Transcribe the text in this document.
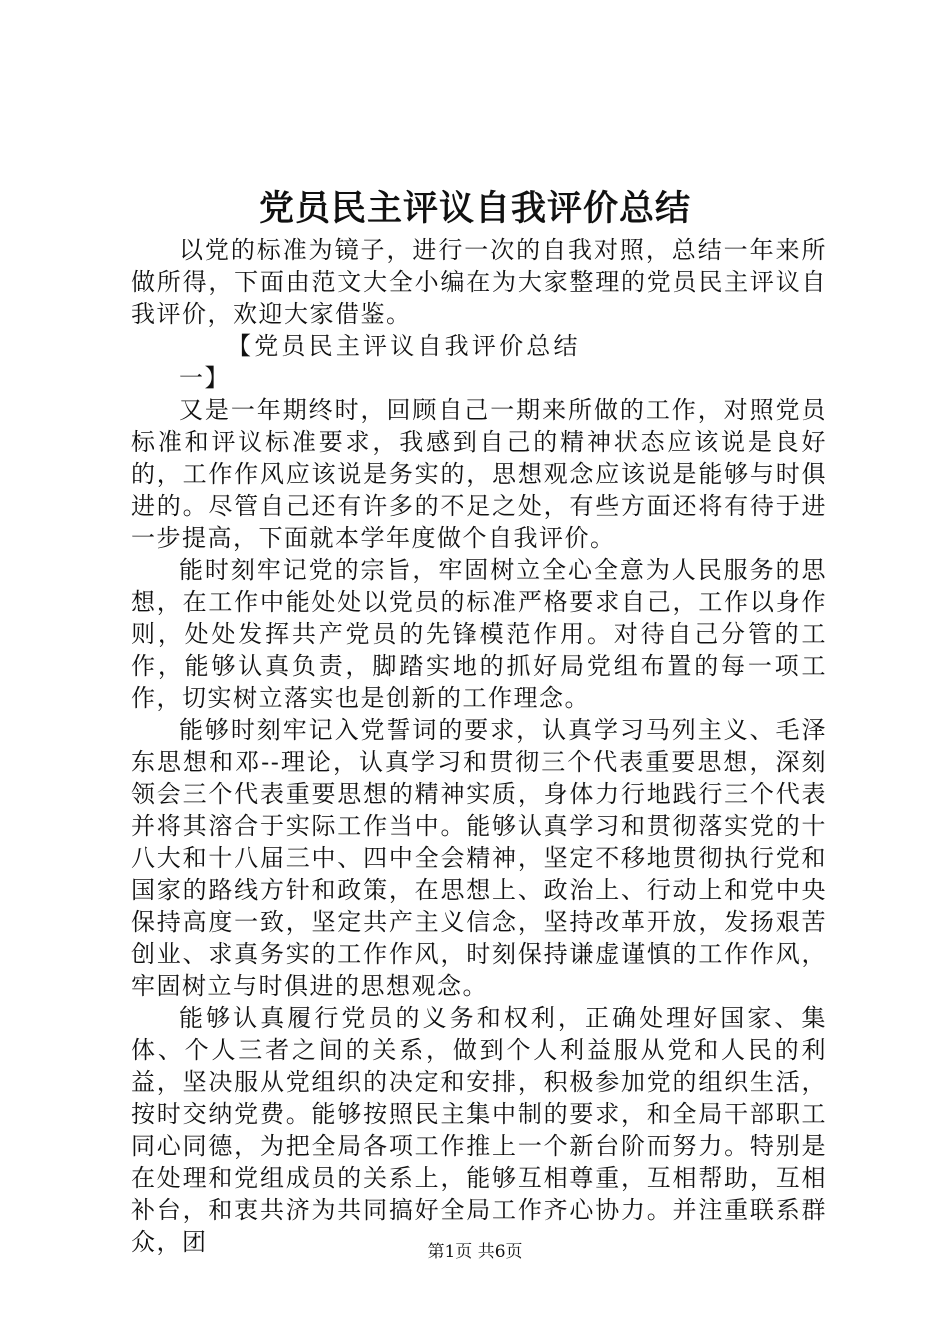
党员民主评议自我评价总结

以党的标准为镜子，进行一次的自我对照，总结一年来所做所得，下面由范文大全小编在为大家整理的党员民主评议自我评价，欢迎大家借鉴。

【党员民主评议自我评价总结一】

又是一年期终时，回顾自己一期来所做的工作，对照党员标准和评议标准要求，我感到自己的精神状态应该说是良好的，工作作风应该说是务实的，思想观念应该说是能够与时俱进的。尽管自己还有许多的不足之处，有些方面还将有待于进一步提高，下面就本学年度做个自我评价。

能时刻牢记党的宗旨，牢固树立全心全意为人民服务的思想，在工作中能处处以党员的标准严格要求自己，工作以身作则，处处发挥共产党员的先锋模范作用。对待自己分管的工作，能够认真负责，脚踏实地的抓好局党组布置的每一项工作，切实树立落实也是创新的工作理念。

能够时刻牢记入党誓词的要求，认真学习马列主义、毛泽东思想和邓--理论，认真学习和贯彻三个代表重要思想，深刻领会三个代表重要思想的精神实质，身体力行地践行三个代表并将其溶合于实际工作当中。能够认真学习和贯彻落实党的十八大和十八届三中、四中全会精神，坚定不移地贯彻执行党和国家的路线方针和政策，在思想上、政治上、行动上和党中央保持高度一致，坚定共产主义信念，坚持改革开放，发扬艰苦创业、求真务实的工作作风，时刻保持谦虚谨慎的工作作风，牢固树立与时俱进的思想观念。

能够认真履行党员的义务和权利，正确处理好国家、集体、个人三者之间的关系，做到个人利益服从党和人民的利益，坚决服从党组织的决定和安排，积极参加党的组织生活，按时交纳党费。能够按照民主集中制的要求，和全局干部职工同心同德，为把全局各项工作推上一个新台阶而努力。特别是在处理和党组成员的关系上，能够互相尊重，互相帮助，互相补台，和衷共济为共同搞好全局工作齐心协力。并注重联系群众，团	第1页 共6页
